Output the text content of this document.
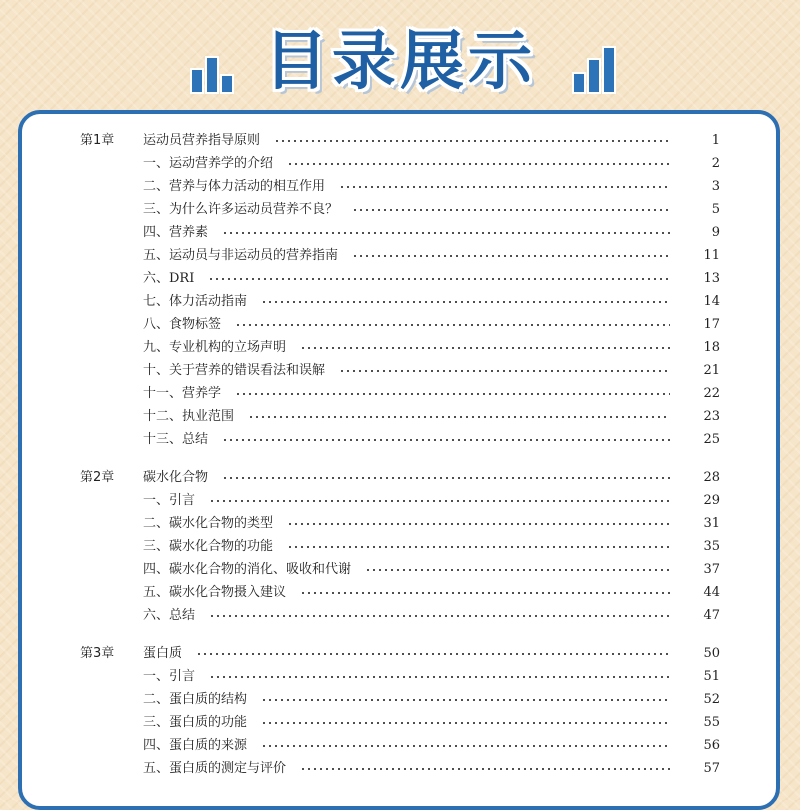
目录展示
第1章 运动员营养指导原则	1
一、运动营养学的介绍	2
二、营养与体力活动的相互作用	3
三、为什么许多运动员营养不良？	5
四、营养素	9
五、运动员与非运动员的营养指南	11
六、DRI	13
七、体力活动指南	14
八、食物标签	17
九、专业机构的立场声明	18
十、关于营养的错误看法和误解	21
十一、营养学	22
十二、执业范围	23
十三、总结	25
第2章 碳水化合物	28
一、引言	29
二、碳水化合物的类型	31
三、碳水化合物的功能	35
四、碳水化合物的消化、吸收和代谢	37
五、碳水化合物摄入建议	44
六、总结	47
第3章 蛋白质	50
一、引言	51
二、蛋白质的结构	52
三、蛋白质的功能	55
四、蛋白质的来源	56
五、蛋白质的测定与评价	57
